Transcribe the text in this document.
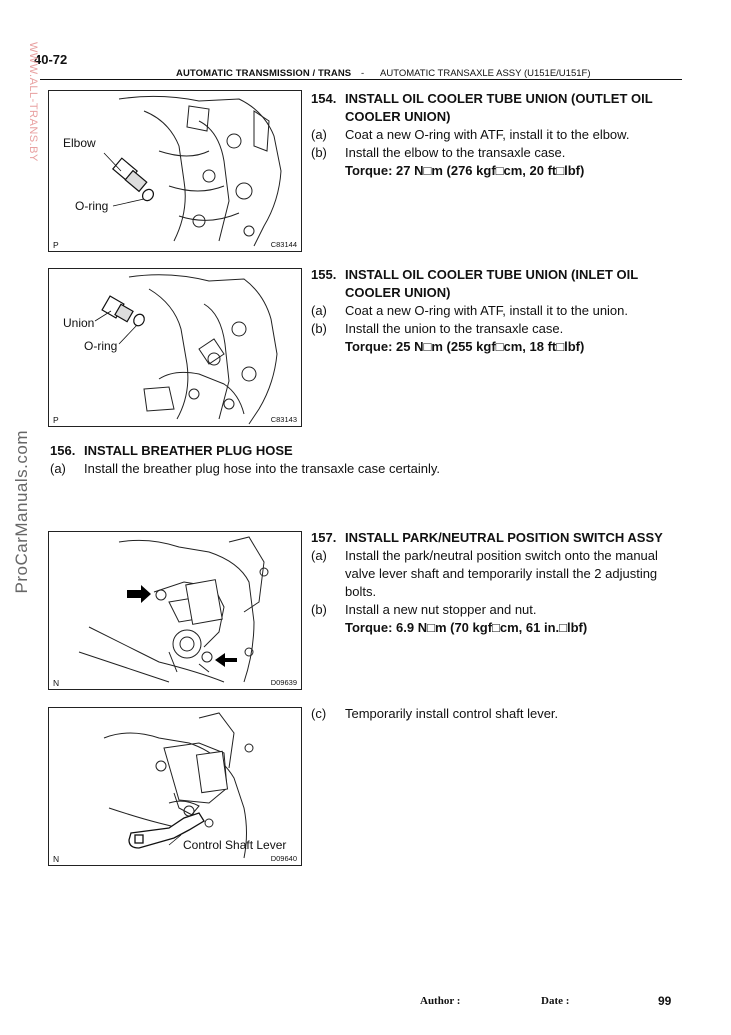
40-72
AUTOMATIC TRANSMISSION / TRANS - AUTOMATIC TRANSAXLE ASSY (U151E/U151F)
WWW.ALL-TRANS.BY
ProCarManuals.com
Elbow
O-ring
P	C83144
154. INSTALL OIL COOLER TUBE UNION (OUTLET OIL
COOLER UNION)
(a) Coat a new O-ring with ATF, install it to the elbow.
(b) Install the elbow to the transaxle case.
Torque: 27 N□m (276 kgf□cm, 20 ft□lbf)
Union
O-ring
P	C83143
155. INSTALL OIL COOLER TUBE UNION (INLET OIL
COOLER UNION)
(a) Coat a new O-ring with ATF, install it to the union.
(b) Install the union to the transaxle case.
Torque: 25 N□m (255 kgf□cm, 18 ft□lbf)
156. INSTALL BREATHER PLUG HOSE
(a) Install the breather plug hose into the transaxle case certainly.
N	D09639
157. INSTALL PARK/NEUTRAL POSITION SWITCH ASSY
(a) Install the park/neutral position switch onto the manual
valve lever shaft and temporarily install the 2 adjusting
bolts.
(b) Install a new nut stopper and nut.
Torque: 6.9 N□m (70 kgf□cm, 61 in.□lbf)
Control Shaft Lever
N	D09640
(c) Temporarily install control shaft lever.
Author :	Date :	99
